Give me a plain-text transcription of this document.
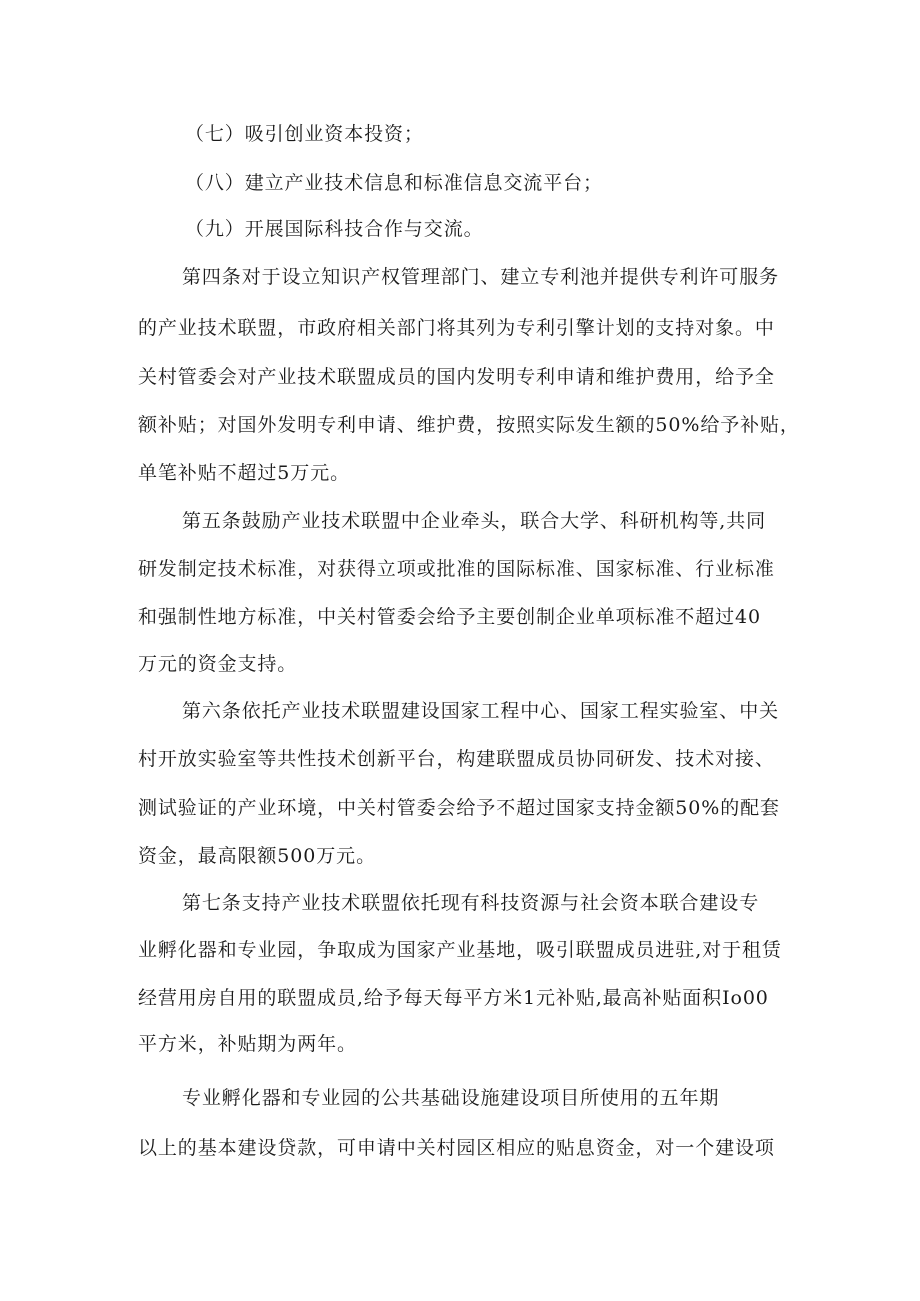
（七）吸引创业资本投资；

（八）建立产业技术信息和标准信息交流平台；

（九）开展国际科技合作与交流。

第四条对于设立知识产权管理部门、建立专利池并提供专利许可服务

的产业技术联盟，市政府相关部门将其列为专利引擎计划的支持对象。中

关村管委会对产业技术联盟成员的国内发明专利申请和维护费用，给予全

额补贴；对国外发明专利申请、维护费，按照实际发生额的50%给予补贴，

单笔补贴不超过5万元。

第五条鼓励产业技术联盟中企业牵头，联合大学、科研机构等,共同

研发制定技术标准，对获得立项或批准的国际标准、国家标准、行业标准

和强制性地方标准，中关村管委会给予主要创制企业单项标准不超过40

万元的资金支持。

第六条依托产业技术联盟建设国家工程中心、国家工程实验室、中关

村开放实验室等共性技术创新平台，构建联盟成员协同研发、技术对接、

测试验证的产业环境，中关村管委会给予不超过国家支持金额50%的配套

资金，最高限额500万元。

第七条支持产业技术联盟依托现有科技资源与社会资本联合建设专

业孵化器和专业园，争取成为国家产业基地，吸引联盟成员进驻,对于租赁

经营用房自用的联盟成员,给予每天每平方米1元补贴,最高补贴面积Io00

平方米，补贴期为两年。

专业孵化器和专业园的公共基础设施建设项目所使用的五年期

以上的基本建设贷款，可申请中关村园区相应的贴息资金，对一个建设项
